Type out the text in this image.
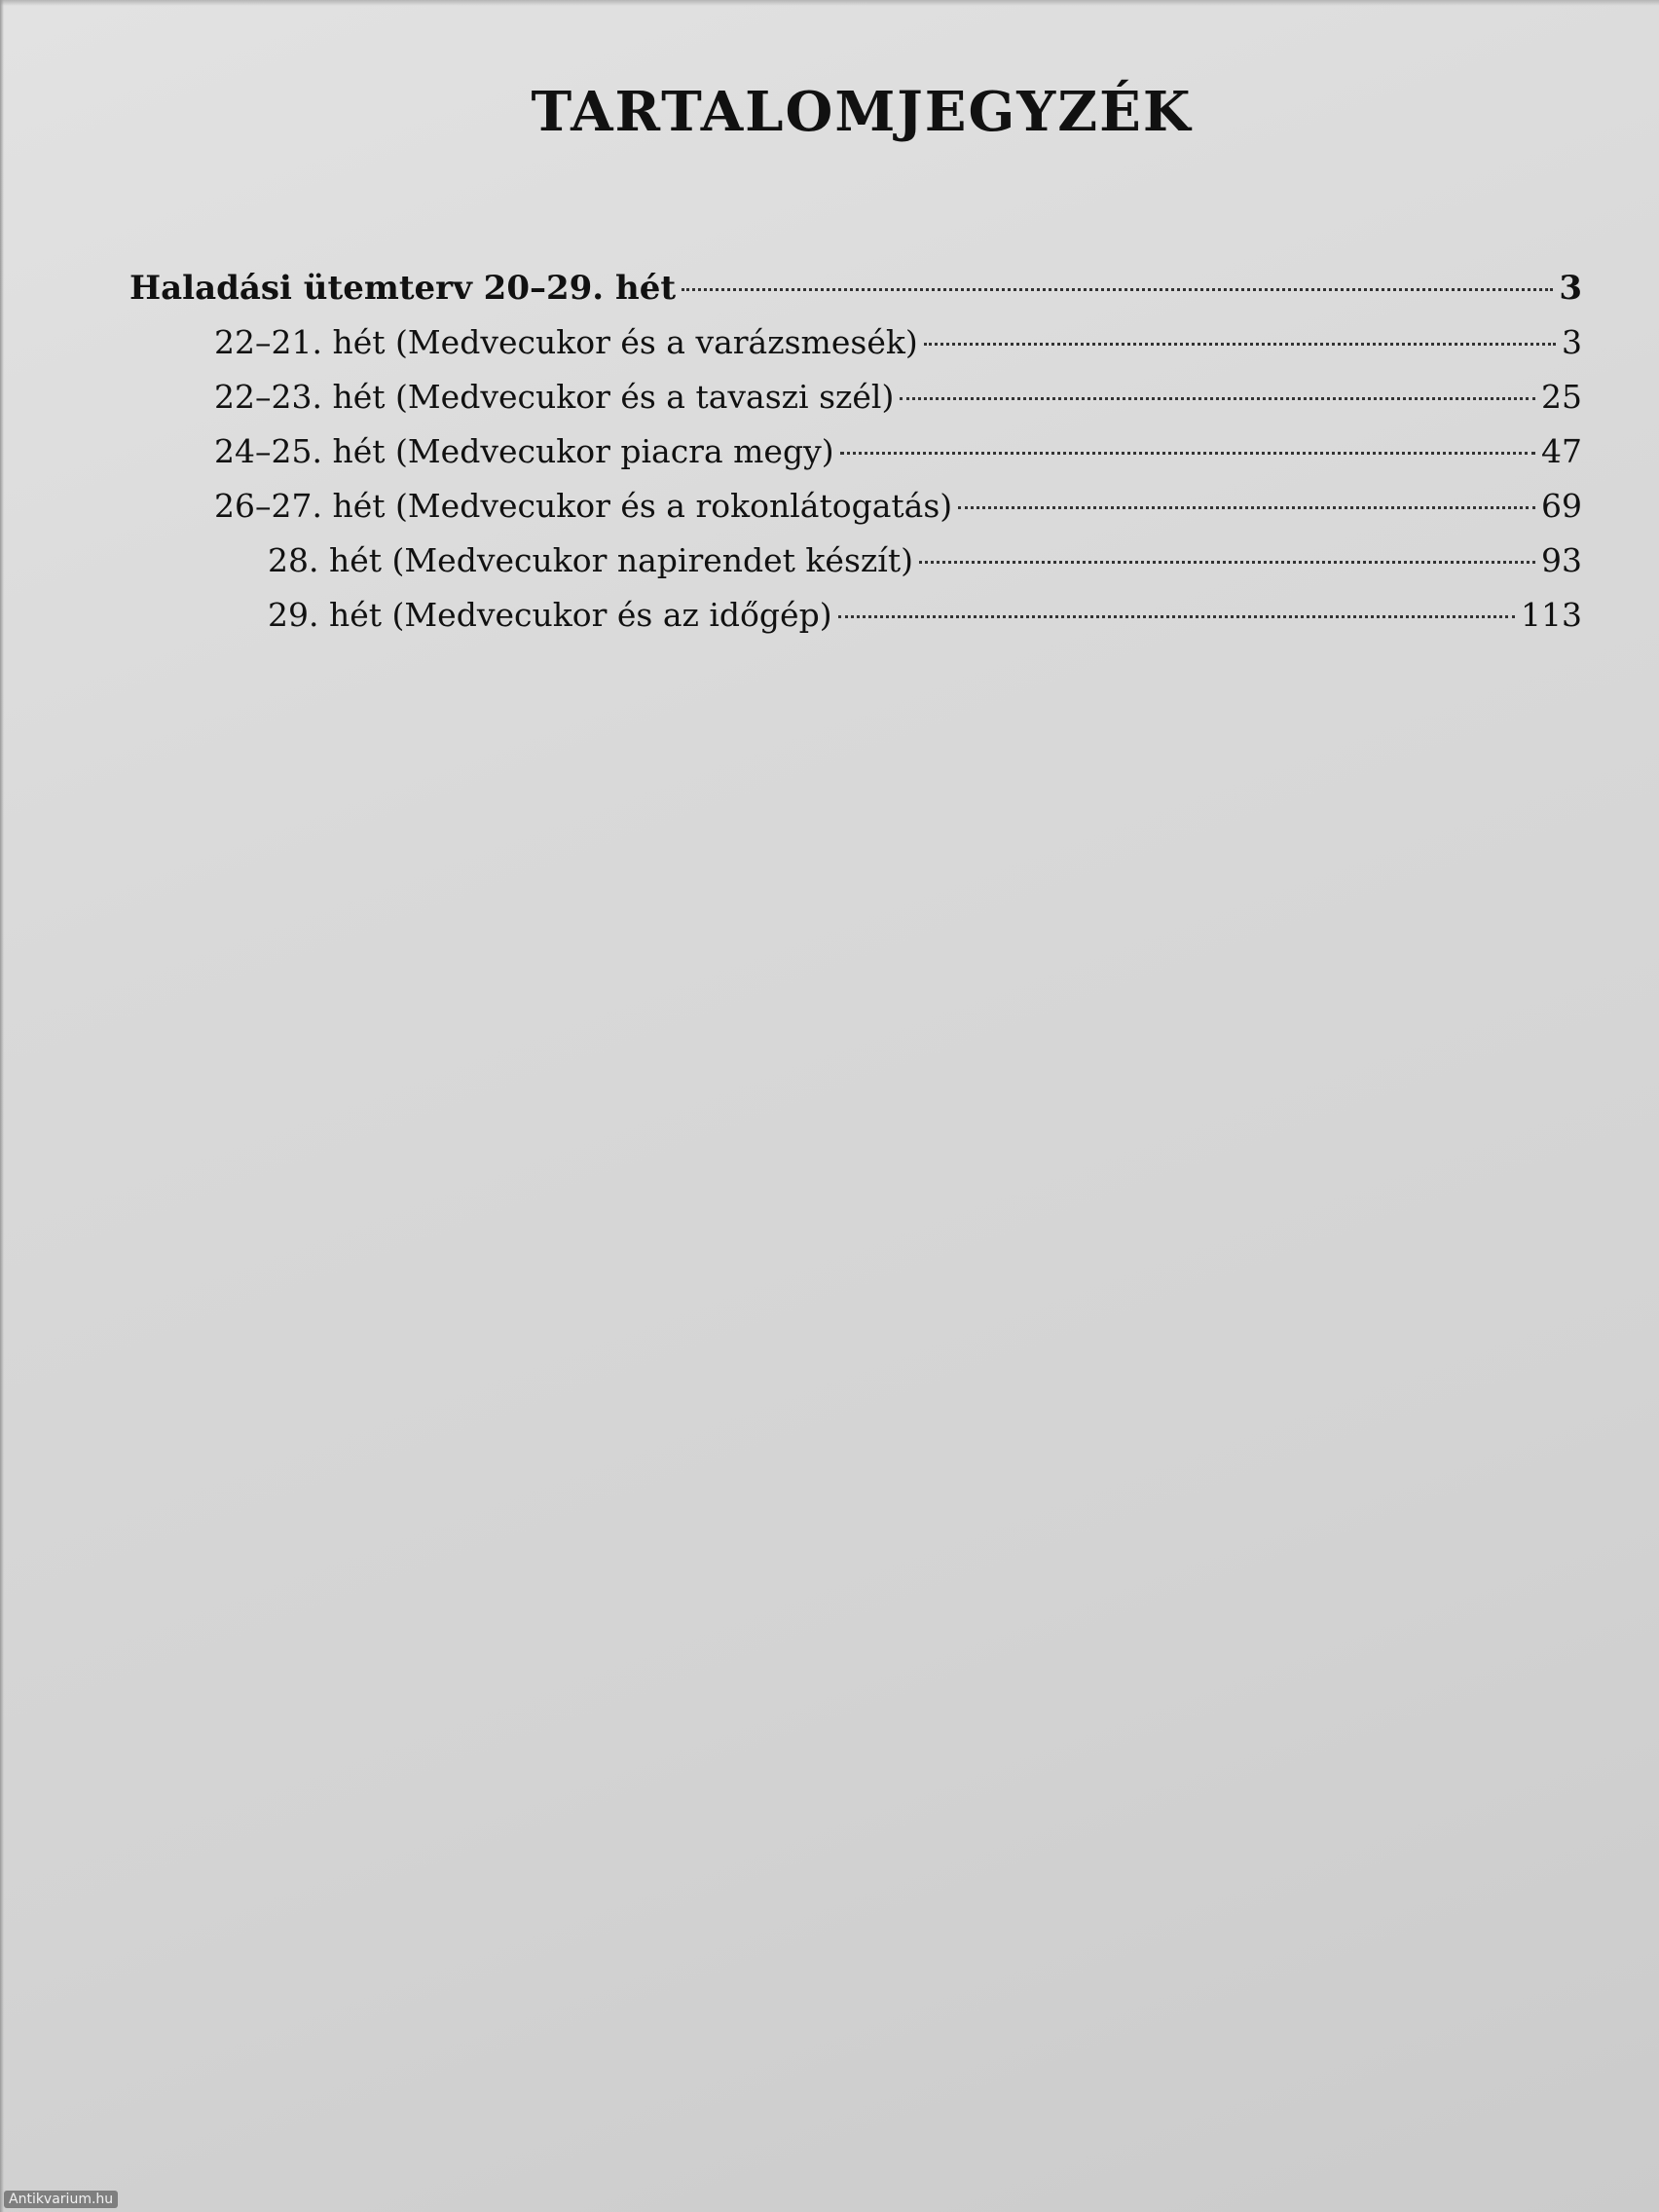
TARTALOMJEGYZÉK
Haladási ütemterv 20–29. hét	3
22–21. hét (Medvecukor és a varázsmesék)	3
22–23. hét (Medvecukor és a tavaszi szél)	25
24–25. hét (Medvecukor piacra megy)	47
26–27. hét (Medvecukor és a rokonlátogatás)	69
28. hét (Medvecukor napirendet készít)	93
29. hét (Medvecukor és az időgép)	113
Antikvarium.hu
